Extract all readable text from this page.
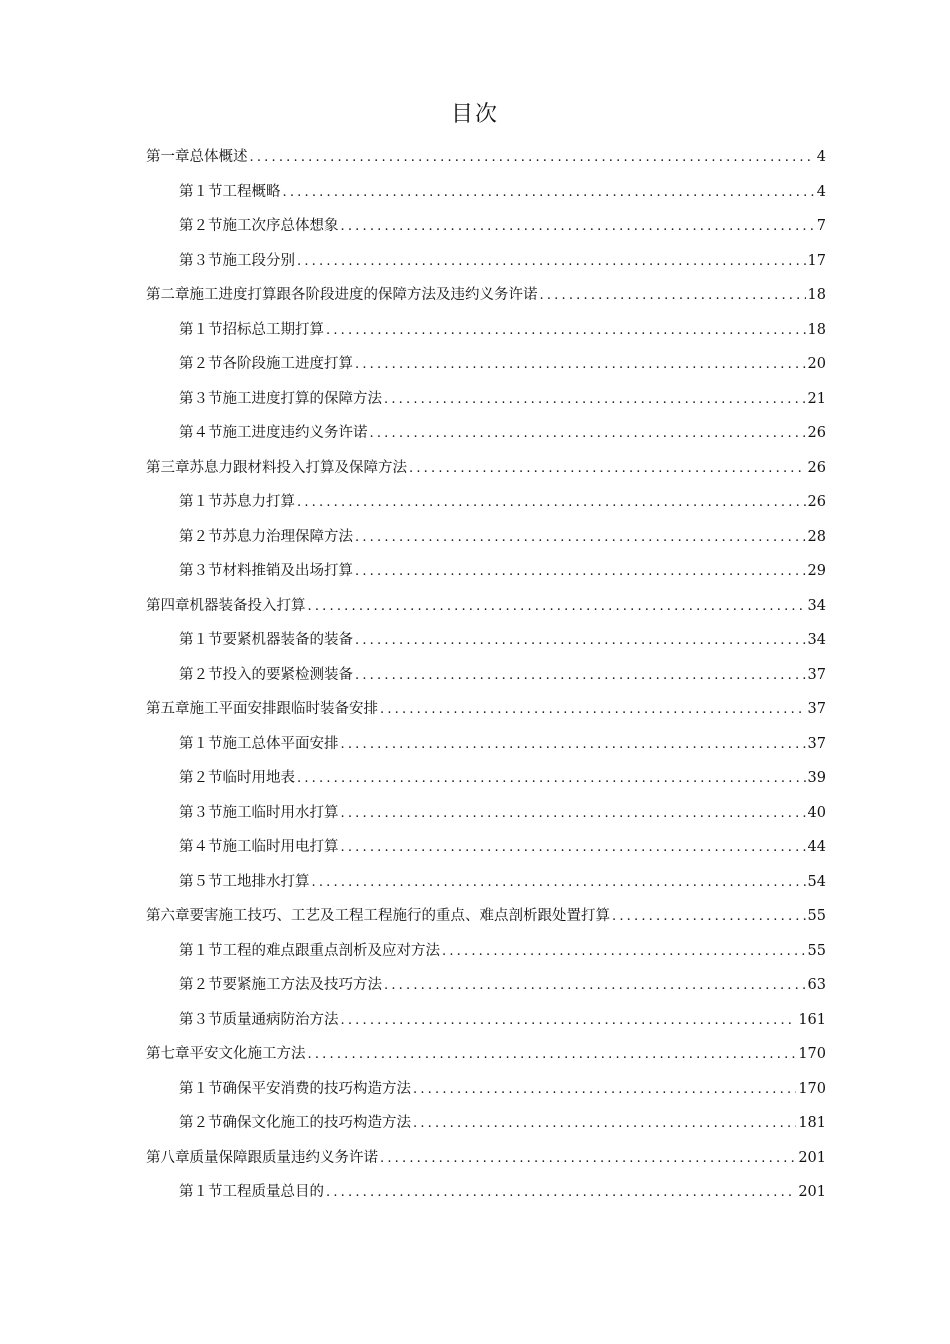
目次
第一章总体概述 .....	4
第１节工程概略 .....	4
第２节施工次序总体想象 .....	7
第３节施工段分别 .....	17
第二章施工进度打算跟各阶段进度的保障方法及违约义务许诺 .....	18
第１节招标总工期打算 .....	18
第２节各阶段施工进度打算 .....	20
第３节施工进度打算的保障方法 .....	21
第４节施工进度违约义务许诺 .....	26
第三章苏息力跟材料投入打算及保障方法 .....	26
第１节苏息力打算 .....	26
第２节苏息力治理保障方法 .....	28
第３节材料推销及出场打算 .....	29
第四章机器装备投入打算 .....	34
第１节要紧机器装备的装备 .....	34
第２节投入的要紧检测装备 .....	37
第五章施工平面安排跟临时装备安排 .....	37
第１节施工总体平面安排 .....	37
第２节临时用地表 .....	39
第３节施工临时用水打算 .....	40
第４节施工临时用电打算 .....	44
第５节工地排水打算 .....	54
第六章要害施工技巧、工艺及工程工程施行的重点、难点剖析跟处置打算 .....	55
第１节工程的难点跟重点剖析及应对方法 .....	55
第２节要紧施工方法及技巧方法 .....	63
第３节质量通病防治方法 .....	161
第七章平安文化施工方法 .....	170
第１节确保平安消费的技巧构造方法 .....	170
第２节确保文化施工的技巧构造方法 .....	181
第八章质量保障跟质量违约义务许诺 .....	201
第１节工程质量总目的 .....	201
